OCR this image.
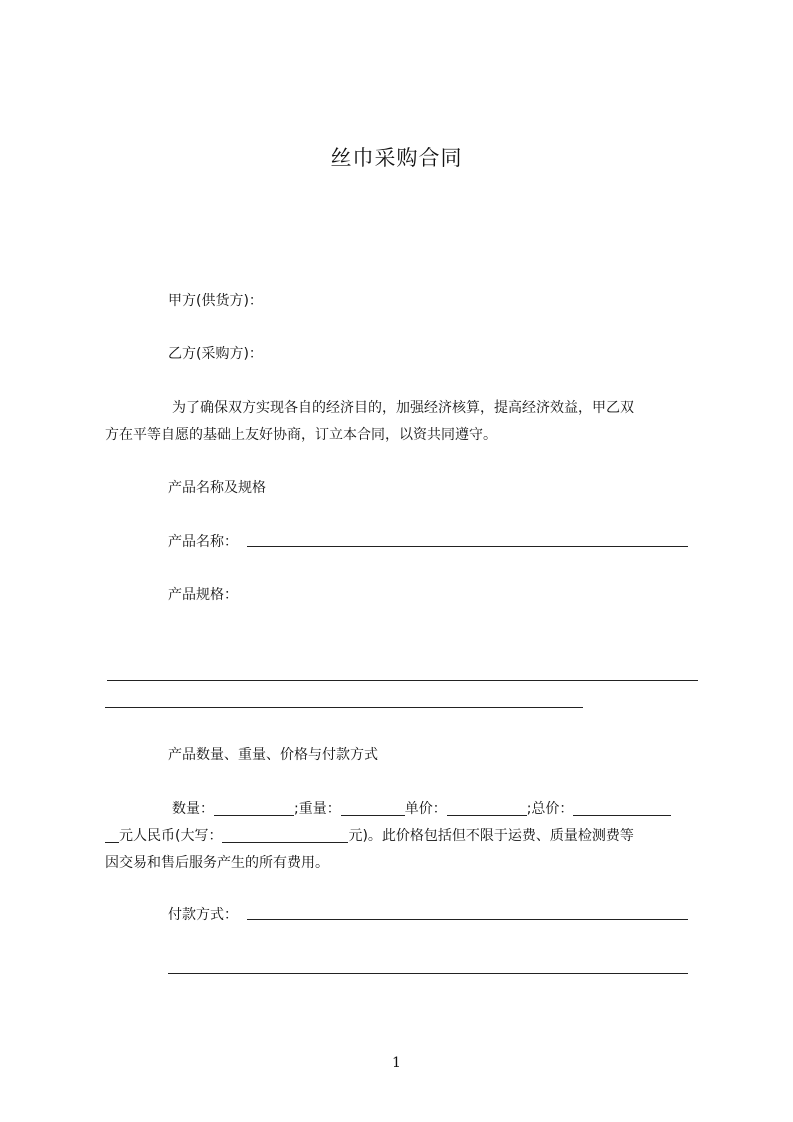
丝巾采购合同
甲方(供货方)：
乙方(采购方)：
为了确保双方实现各自的经济目的，加强经济核算，提高经济效益，甲乙双
方在平等自愿的基础上友好协商，订立本合同，以资共同遵守。
产品名称及规格
产品名称：
产品规格：
产品数量、重量、价格与付款方式
数量：	;重量：	单价：	;总价：
元人民币(大写：	元)。此价格包括但不限于运费、质量检测费等
因交易和售后服务产生的所有费用。
付款方式：
1
